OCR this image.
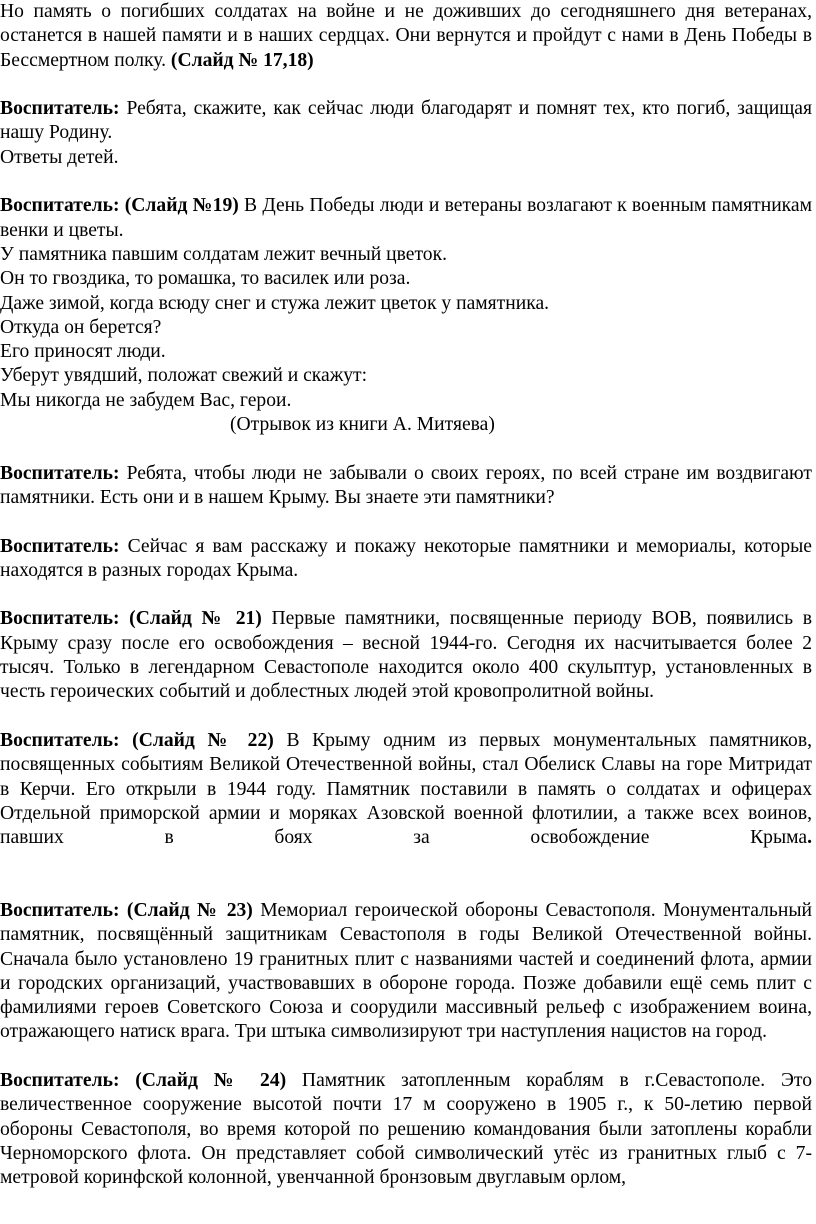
Но память о погибших солдатах на войне и не доживших до сегодняшнего дня ветеранах, останется в нашей памяти и в наших сердцах. Они вернутся и пройдут с нами в День Победы в Бессмертном полку. (Слайд № 17,18)

Воспитатель: Ребята, скажите, как сейчас люди благодарят и помнят тех, кто погиб, защищая нашу Родину.

Ответы детей.

Воспитатель: (Слайд №19) В День Победы люди и ветераны возлагают к военным памятникам венки и цветы.

У памятника павшим солдатам лежит вечный цветок.
Он то гвоздика, то ромашка, то василек или роза.
Даже зимой, когда всюду снег и стужа лежит цветок у памятника.
Откуда он берется?
Его приносят люди.
Уберут увядший, положат свежий и скажут:
Мы никогда не забудем Вас, герои.
(Отрывок из книги А. Митяева)

Воспитатель: Ребята, чтобы люди не забывали о своих героях, по всей стране им воздвигают памятники. Есть они и в нашем Крыму. Вы знаете эти памятники?

Воспитатель: Сейчас я вам расскажу и покажу некоторые памятники и мемориалы, которые находятся в разных городах Крыма.

Воспитатель: (Слайд № 21) Первые памятники, посвященные периоду ВОВ, появились в Крыму сразу после его освобождения – весной 1944-го. Сегодня их насчитывается более 2 тысяч. Только в легендарном Севастополе находится около 400 скульптур, установленных в честь героических событий и доблестных людей этой кровопролитной войны.

Воспитатель: (Слайд № 22) В Крыму одним из первых монументальных памятников, посвященных событиям Великой Отечественной войны, стал Обелиск Славы на горе Митридат в Керчи. Его открыли в 1944 году. Памятник поставили в память о солдатах и офицерах Отдельной приморской армии и моряках Азовской военной флотилии, а также всех воинов, павших в боях за освобождение Крыма.

Воспитатель: (Слайд № 23) Мемориал героической обороны Севастополя. Монументальный памятник, посвящённый защитникам Севастополя в годы Великой Отечественной войны. Сначала было установлено 19 гранитных плит с названиями частей и соединений флота, армии и городских организаций, участвовавших в обороне города. Позже добавили ещё семь плит с фамилиями героев Советского Союза и соорудили массивный рельеф с изображением воина, отражающего натиск врага. Три штыка символизируют три наступления нацистов на город.

Воспитатель: (Слайд № 24) Памятник затопленным кораблям в г.Севастополе. Это величественное сооружение высотой почти 17 м сооружено в 1905 г., к 50-летию первой обороны Севастополя, во время которой по решению командования были затоплены корабли Черноморского флота. Он представляет собой символический утёс из гранитных глыб с 7-метровой коринфской колонной, увенчанной бронзовым двуглавым орлом,
